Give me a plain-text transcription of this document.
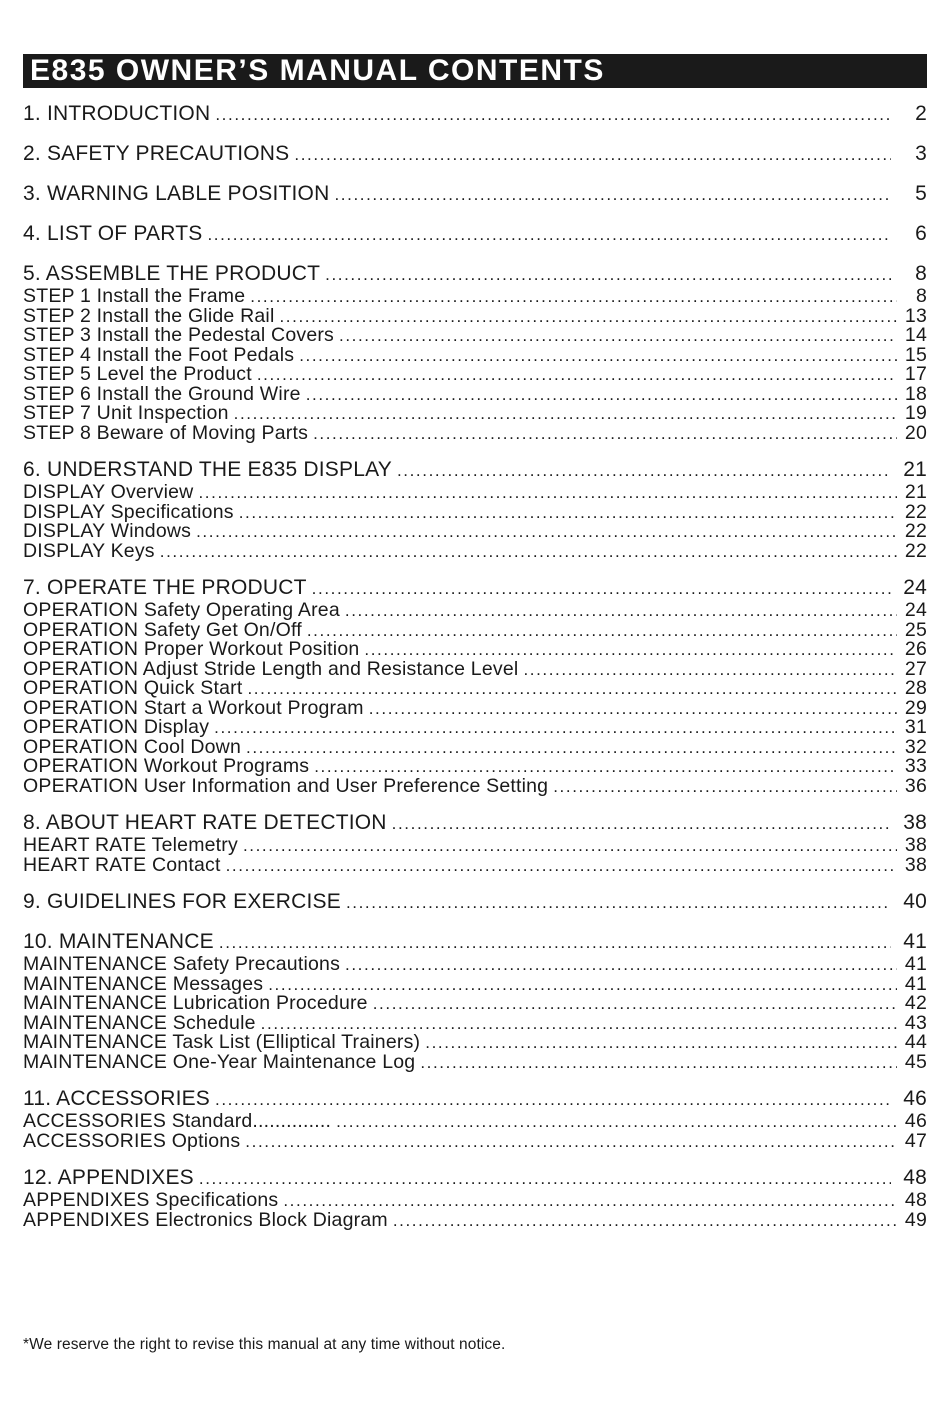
E835 OWNER’S MANUAL CONTENTS
1. INTRODUCTION .....	2
2. SAFETY PRECAUTIONS .....	3
3. WARNING LABLE POSITION .....	5
4. LIST OF PARTS .....	6
5. ASSEMBLE THE PRODUCT .....	8
STEP 1 Install the Frame .....	8
STEP 2 Install the Glide Rail .....	13
STEP 3 Install the Pedestal Covers .....	14
STEP 4 Install the Foot Pedals .....	15
STEP 5 Level the Product .....	17
STEP 6 Install the Ground Wire .....	18
STEP 7 Unit Inspection .....	19
STEP 8 Beware of Moving Parts .....	20
6. UNDERSTAND THE E835 DISPLAY .....	21
DISPLAY Overview .....	21
DISPLAY Specifications .....	22
DISPLAY Windows .....	22
DISPLAY Keys .....	22
7. OPERATE THE PRODUCT .....	24
OPERATION Safety Operating Area .....	24
OPERATION Safety Get On/Off .....	25
OPERATION Proper Workout Position .....	26
OPERATION Adjust Stride Length and Resistance Level .....	27
OPERATION Quick Start .....	28
OPERATION Start a Workout Program .....	29
OPERATION Display .....	31
OPERATION Cool Down .....	32
OPERATION Workout Programs .....	33
OPERATION User Information and User Preference Setting .....	36
8. ABOUT HEART RATE DETECTION .....	38
HEART RATE Telemetry .....	38
HEART RATE Contact .....	38
9. GUIDELINES FOR EXERCISE .....	40
10. MAINTENANCE .....	41
MAINTENANCE Safety Precautions .....	41
MAINTENANCE Messages .....	41
MAINTENANCE Lubrication Procedure .....	42
MAINTENANCE Schedule .....	43
MAINTENANCE Task List (Elliptical Trainers) .....	44
MAINTENANCE One-Year Maintenance Log .....	45
11. ACCESSORIES .....	46
ACCESSORIES Standard.............. .....	46
ACCESSORIES Options .....	47
12. APPENDIXES .....	48
APPENDIXES Specifications .....	48
APPENDIXES Electronics Block Diagram .....	49
*We reserve the right to revise this manual at any time without notice.
